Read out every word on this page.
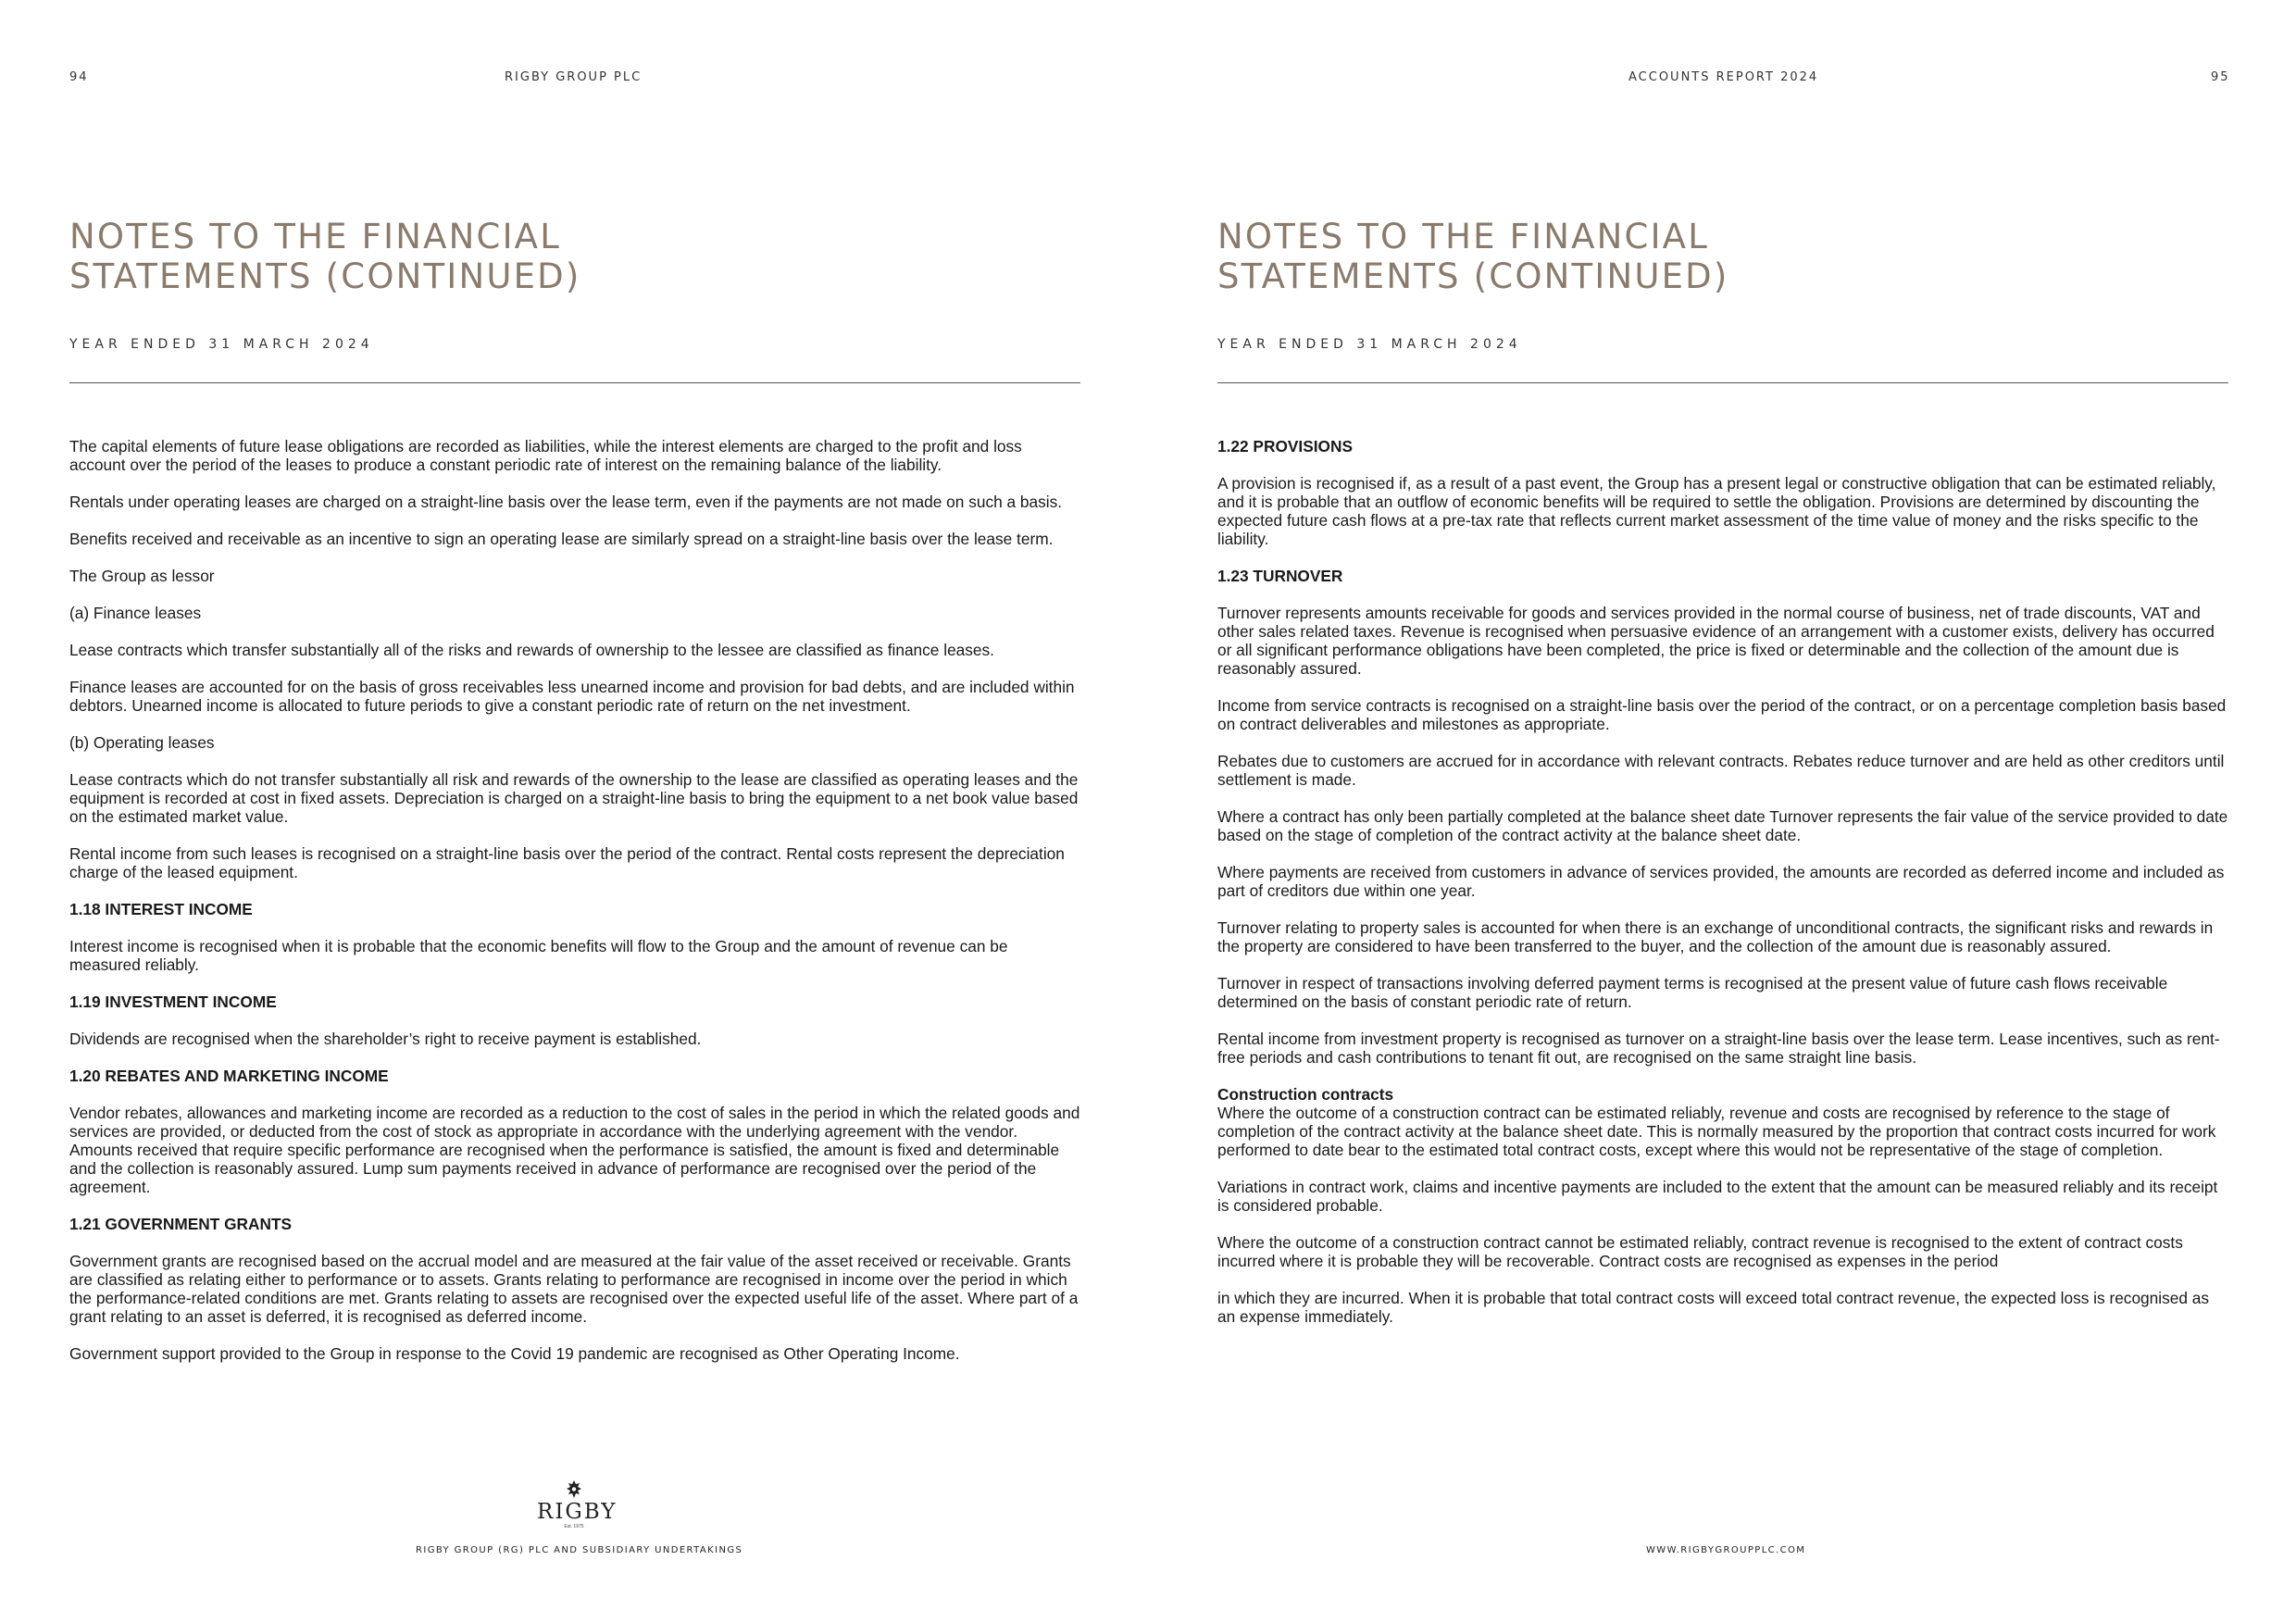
94	RIGBY GROUP PLC
NOTES TO THE FINANCIAL
STATEMENTS (CONTINUED)
YEAR ENDED 31 MARCH 2024

The capital elements of future lease obligations are recorded as liabilities, while the interest elements are charged to the profit and loss account over the period of the leases to produce a constant periodic rate of interest on the remaining balance of the liability.

Rentals under operating leases are charged on a straight-line basis over the lease term, even if the payments are not made on such a basis.

Benefits received and receivable as an incentive to sign an operating lease are similarly spread on a straight-line basis over the lease term.

The Group as lessor

(a) Finance leases

Lease contracts which transfer substantially all of the risks and rewards of ownership to the lessee are classified as finance leases.

Finance leases are accounted for on the basis of gross receivables less unearned income and provision for bad debts, and are included within debtors. Unearned income is allocated to future periods to give a constant periodic rate of return on the net investment.

(b) Operating leases

Lease contracts which do not transfer substantially all risk and rewards of the ownership to the lease are classified as operating leases and the equipment is recorded at cost in fixed assets. Depreciation is charged on a straight-line basis to bring the equipment to a net book value based on the estimated market value.

Rental income from such leases is recognised on a straight-line basis over the period of the contract. Rental costs represent the depreciation charge of the leased equipment.

1.18 INTEREST INCOME

Interest income is recognised when it is probable that the economic benefits will flow to the Group and the amount of revenue can be measured reliably.

1.19 INVESTMENT INCOME

Dividends are recognised when the shareholder’s right to receive payment is established.

1.20 REBATES AND MARKETING INCOME

Vendor rebates, allowances and marketing income are recorded as a reduction to the cost of sales in the period in which the related goods and services are provided, or deducted from the cost of stock as appropriate in accordance with the underlying agreement with the vendor. Amounts received that require specific performance are recognised when the performance is satisfied, the amount is fixed and determinable and the collection is reasonably assured. Lump sum payments received in advance of performance are recognised over the period of the agreement.

1.21 GOVERNMENT GRANTS

Government grants are recognised based on the accrual model and are measured at the fair value of the asset received or receivable. Grants are classified as relating either to performance or to assets. Grants relating to performance are recognised in income over the period in which the performance-related conditions are met. Grants relating to assets are recognised over the expected useful life of the asset. Where part of a grant relating to an asset is deferred, it is recognised as deferred income.

Government support provided to the Group in response to the Covid 19 pandemic are recognised as Other Operating Income.

RIGBY
Est. 1975
RIGBY GROUP (RG) PLC AND SUBSIDIARY UNDERTAKINGS
ACCOUNTS REPORT 2024	95
NOTES TO THE FINANCIAL
STATEMENTS (CONTINUED)
YEAR ENDED 31 MARCH 2024
1.22 PROVISIONS

A provision is recognised if, as a result of a past event, the Group has a present legal or constructive obligation that can be estimated reliably, and it is probable that an outflow of economic benefits will be required to settle the obligation. Provisions are determined by discounting the expected future cash flows at a pre-tax rate that reflects current market assessment of the time value of money and the risks specific to the liability.

1.23 TURNOVER

Turnover represents amounts receivable for goods and services provided in the normal course of business, net of trade discounts, VAT and other sales related taxes. Revenue is recognised when persuasive evidence of an arrangement with a customer exists, delivery has occurred or all significant performance obligations have been completed, the price is fixed or determinable and the collection of the amount due is reasonably assured.

Income from service contracts is recognised on a straight-line basis over the period of the contract, or on a percentage completion basis based on contract deliverables and milestones as appropriate.

Rebates due to customers are accrued for in accordance with relevant contracts. Rebates reduce turnover and are held as other creditors until settlement is made.

Where a contract has only been partially completed at the balance sheet date Turnover represents the fair value of the service provided to date based on the stage of completion of the contract activity at the balance sheet date.

Where payments are received from customers in advance of services provided, the amounts are recorded as deferred income and included as part of creditors due within one year.

Turnover relating to property sales is accounted for when there is an exchange of unconditional contracts, the significant risks and rewards in the property are considered to have been transferred to the buyer, and the collection of the amount due is reasonably assured.

Turnover in respect of transactions involving deferred payment terms is recognised at the present value of future cash flows receivable determined on the basis of constant periodic rate of return.

Rental income from investment property is recognised as turnover on a straight-line basis over the lease term. Lease incentives, such as rent-free periods and cash contributions to tenant fit out, are recognised on the same straight line basis.

Construction contracts

Where the outcome of a construction contract can be estimated reliably, revenue and costs are recognised by reference to the stage of completion of the contract activity at the balance sheet date. This is normally measured by the proportion that contract costs incurred for work performed to date bear to the estimated total contract costs, except where this would not be representative of the stage of completion.

Variations in contract work, claims and incentive payments are included to the extent that the amount can be measured reliably and its receipt is considered probable.

Where the outcome of a construction contract cannot be estimated reliably, contract revenue is recognised to the extent of contract costs incurred where it is probable they will be recoverable. Contract costs are recognised as expenses in the period

in which they are incurred. When it is probable that total contract costs will exceed total contract revenue, the expected loss is recognised as an expense immediately.

WWW.RIGBYGROUPPLC.COM
